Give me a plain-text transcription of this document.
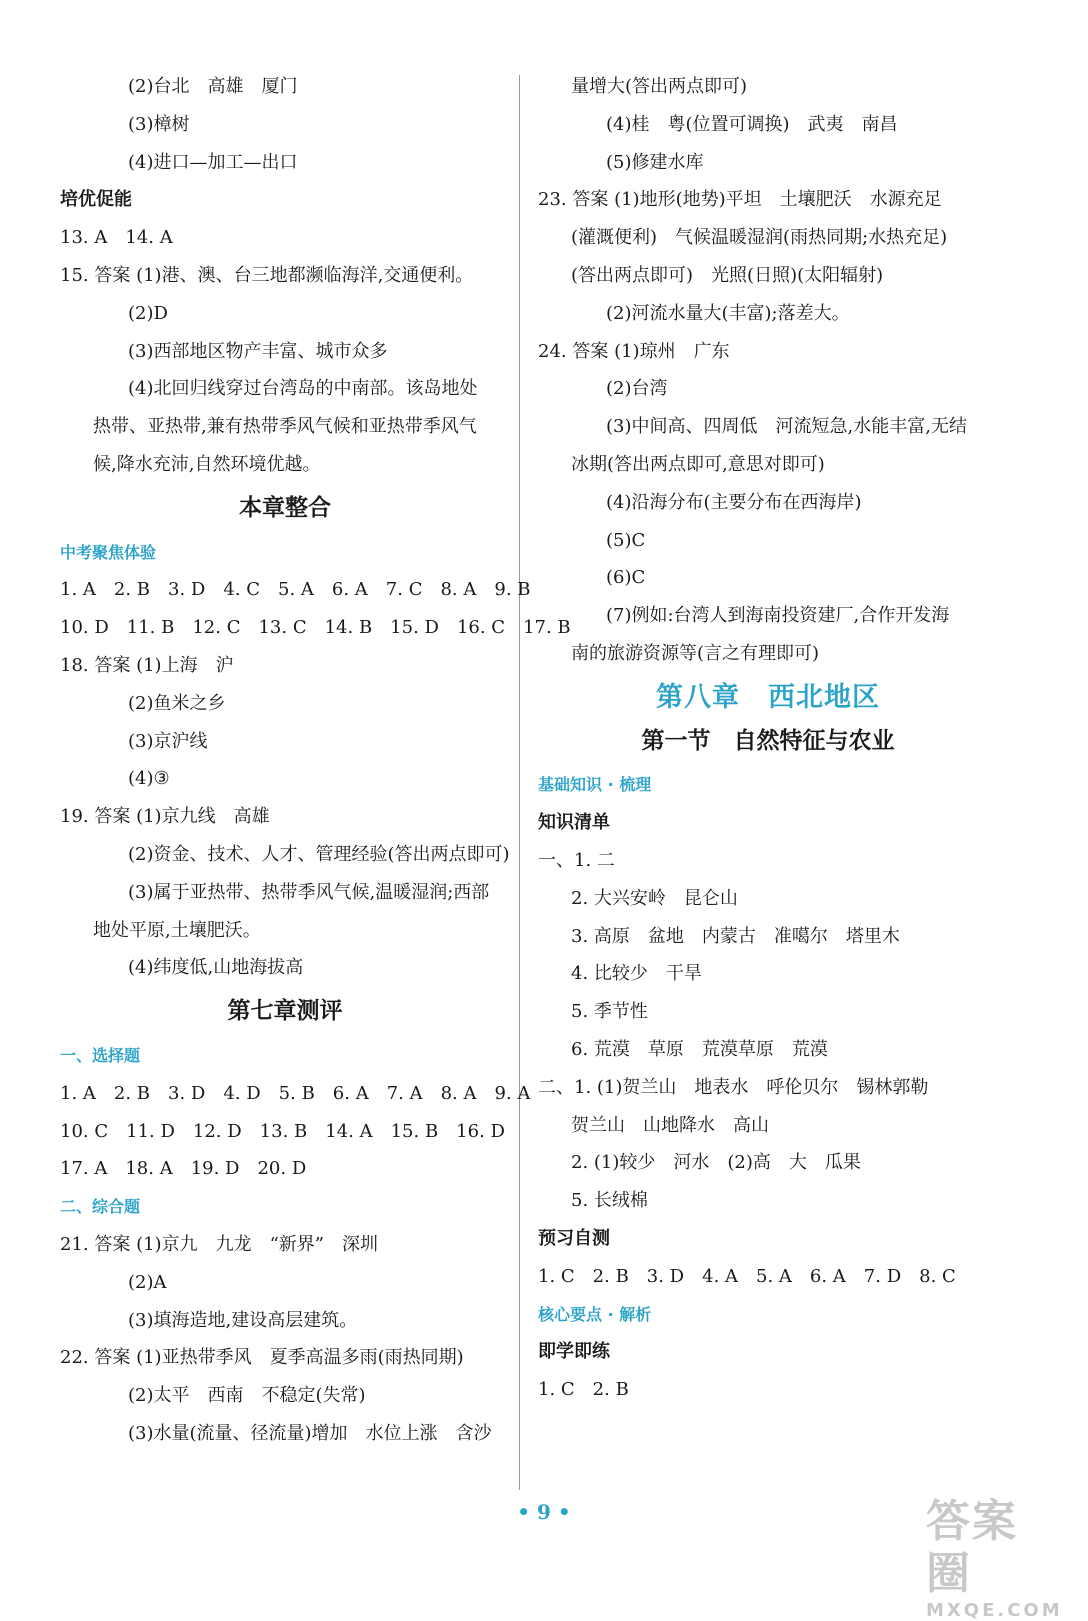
(2)台北　高雄　厦门
(3)樟树
(4)进口—加工—出口
培优促能
13. A　14. A
15. 答案 (1)港、澳、台三地都濒临海洋,交通便利。
(2)D
(3)西部地区物产丰富、城市众多
(4)北回归线穿过台湾岛的中南部。该岛地处
热带、亚热带,兼有热带季风气候和亚热带季风气
候,降水充沛,自然环境优越。
本章整合
中考聚焦体验
1. A　2. B　3. D　4. C　5. A　6. A　7. C　8. A　9. B
10. D　11. B　12. C　13. C　14. B　15. D　16. C　17. B
18. 答案 (1)上海　沪
(2)鱼米之乡
(3)京沪线
(4)③
19. 答案 (1)京九线　高雄
(2)资金、技术、人才、管理经验(答出两点即可)
(3)属于亚热带、热带季风气候,温暖湿润;西部
地处平原,土壤肥沃。
(4)纬度低,山地海拔高
第七章测评
一、选择题
1. A　2. B　3. D　4. D　5. B　6. A　7. A　8. A　9. A
10. C　11. D　12. D　13. B　14. A　15. B　16. D
17. A　18. A　19. D　20. D
二、综合题
21. 答案 (1)京九　九龙　“新界”　深圳
(2)A
(3)填海造地,建设高层建筑。
22. 答案 (1)亚热带季风　夏季高温多雨(雨热同期)
(2)太平　西南　不稳定(失常)
(3)水量(流量、径流量)增加　水位上涨　含沙
量增大(答出两点即可)
(4)桂　粤(位置可调换)　武夷　南昌
(5)修建水库
23. 答案 (1)地形(地势)平坦　土壤肥沃　水源充足
(灌溉便利)　气候温暖湿润(雨热同期;水热充足)
(答出两点即可)　光照(日照)(太阳辐射)
(2)河流水量大(丰富);落差大。
24. 答案 (1)琼州　广东
(2)台湾
(3)中间高、四周低　河流短急,水能丰富,无结
冰期(答出两点即可,意思对即可)
(4)沿海分布(主要分布在西海岸)
(5)C
(6)C
(7)例如:台湾人到海南投资建厂,合作开发海
南的旅游资源等(言之有理即可)
第八章　西北地区
第一节　自然特征与农业
基础知识 · 梳理
知识清单
一、1. 二
2. 大兴安岭　昆仑山
3. 高原　盆地　内蒙古　准噶尔　塔里木
4. 比较少　干旱
5. 季节性
6. 荒漠　草原　荒漠草原　荒漠
二、1. (1)贺兰山　地表水　呼伦贝尔　锡林郭勒
贺兰山　山地降水　高山
2. (1)较少　河水　(2)高　大　瓜果
5. 长绒棉
预习自测
1. C　2. B　3. D　4. A　5. A　6. A　7. D　8. C
核心要点 · 解析
即学即练
1. C　2. B
• 9 •	答案圈
MXQE.COM
